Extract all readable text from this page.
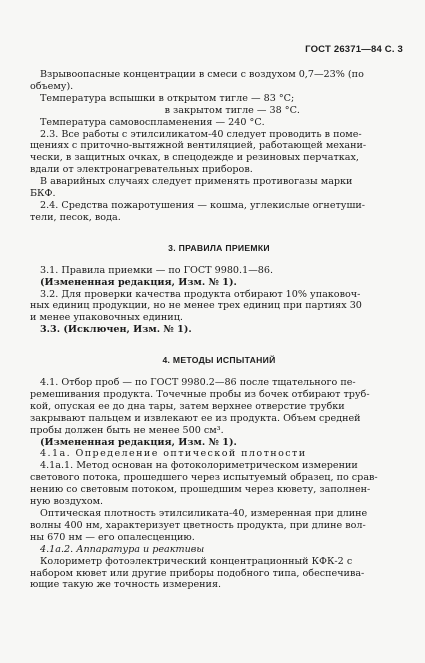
ГОСТ 26371—84 С. 3
Взрывоопасные концентрации в смеси с воздухом 0,7—23% (по
объему).
Температура вспышки в открытом тигле — 83 °С;
в закрытом тигле — 38 °С.
Температура самовоспламенения — 240 °С.
2.3. Все работы с этилсиликатом-40 следует проводить в поме-
щениях с приточно-вытяжной вентиляцией, работающей механи-
чески, в защитных очках, в спецодежде и резиновых перчатках,
вдали от электронагревательных приборов.
В аварийных случаях следует применять противогазы марки
БКФ.
2.4. Средства пожаротушения — кошма, углекислые огнетуши-
тели, песок, вода.
3. ПРАВИЛА ПРИЕМКИ
3.1. Правила приемки — по ГОСТ 9980.1—86.
(Измененная редакция, Изм. № 1).
3.2. Для проверки качества продукта отбирают 10% упаковоч-
ных единиц продукции, но не менее трех единиц при партиях 30
и менее упаковочных единиц.
3.3. (Исключен, Изм. № 1).
4. МЕТОДЫ ИСПЫТАНИЙ
4.1. Отбор проб — по ГОСТ 9980.2—86 после тщательного пе-
ремешивания продукта. Точечные пробы из бочек отбирают труб-
кой, опуская ее до дна тары, затем верхнее отверстие трубки
закрывают пальцем и извлекают ее из продукта. Объем средней
пробы должен быть не менее 500 см³.
(Измененная редакция, Изм. № 1).
4.1а. Определение оптической плотности
4.1а.1. Метод основан на фотоколориметрическом измерении
светового потока, прошедшего через испытуемый образец, по срав-
нению со световым потоком, прошедшим через кювету, заполнен-
ную воздухом.
Оптическая плотность этилсиликата-40, измеренная при длине
волны 400 нм, характеризует цветность продукта, при длине вол-
ны 670 нм — его опалесценцию.
4.1а.2. Аппаратура и реактивы
Колориметр фотоэлектрический концентрационный КФК-2 с
набором кювет или другие приборы подобного типа, обеспечива-
ющие такую же точность измерения.
